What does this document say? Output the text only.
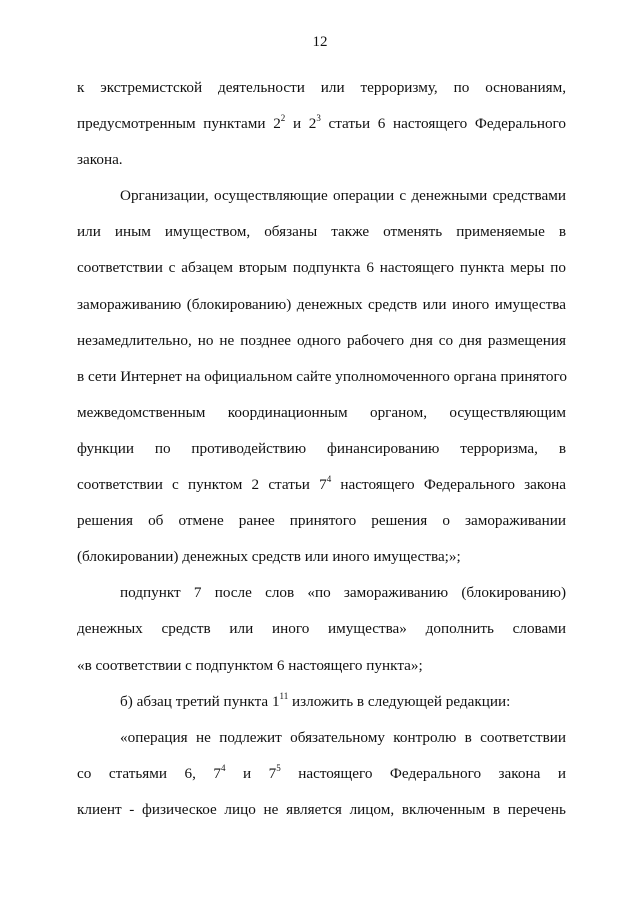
12
к экстремистской деятельности или терроризму, по основаниям,
предусмотренным пунктами $2^2$ и $2^3$ статьи 6 настоящего Федерального
закона.
Организации, осуществляющие операции с денежными средствами
или иным имуществом, обязаны также отменять применяемые в
соответствии с абзацем вторым подпункта 6 настоящего пункта меры по
замораживанию (блокированию) денежных средств или иного имущества
незамедлительно, но не позднее одного рабочего дня со дня размещения
в сети Интернет на официальном сайте уполномоченного органа принятого
межведомственным координационным органом, осуществляющим
функции по противодействию финансированию терроризма, в
соответствии с пунктом 2 статьи $7^4$ настоящего Федерального закона
решения об отмене ранее принятого решения о замораживании
(блокировании) денежных средств или иного имущества;»;
подпункт 7 после слов «по замораживанию (блокированию)
денежных средств или иного имущества» дополнить словами
«в соответствии с подпунктом 6 настоящего пункта»;
б) абзац третий пункта $1^{11}$ изложить в следующей редакции:
«операция не подлежит обязательному контролю в соответствии
со статьями 6, $7^4$ и $7^5$ настоящего Федерального закона и
клиент - физическое лицо не является лицом, включенным в перечень
